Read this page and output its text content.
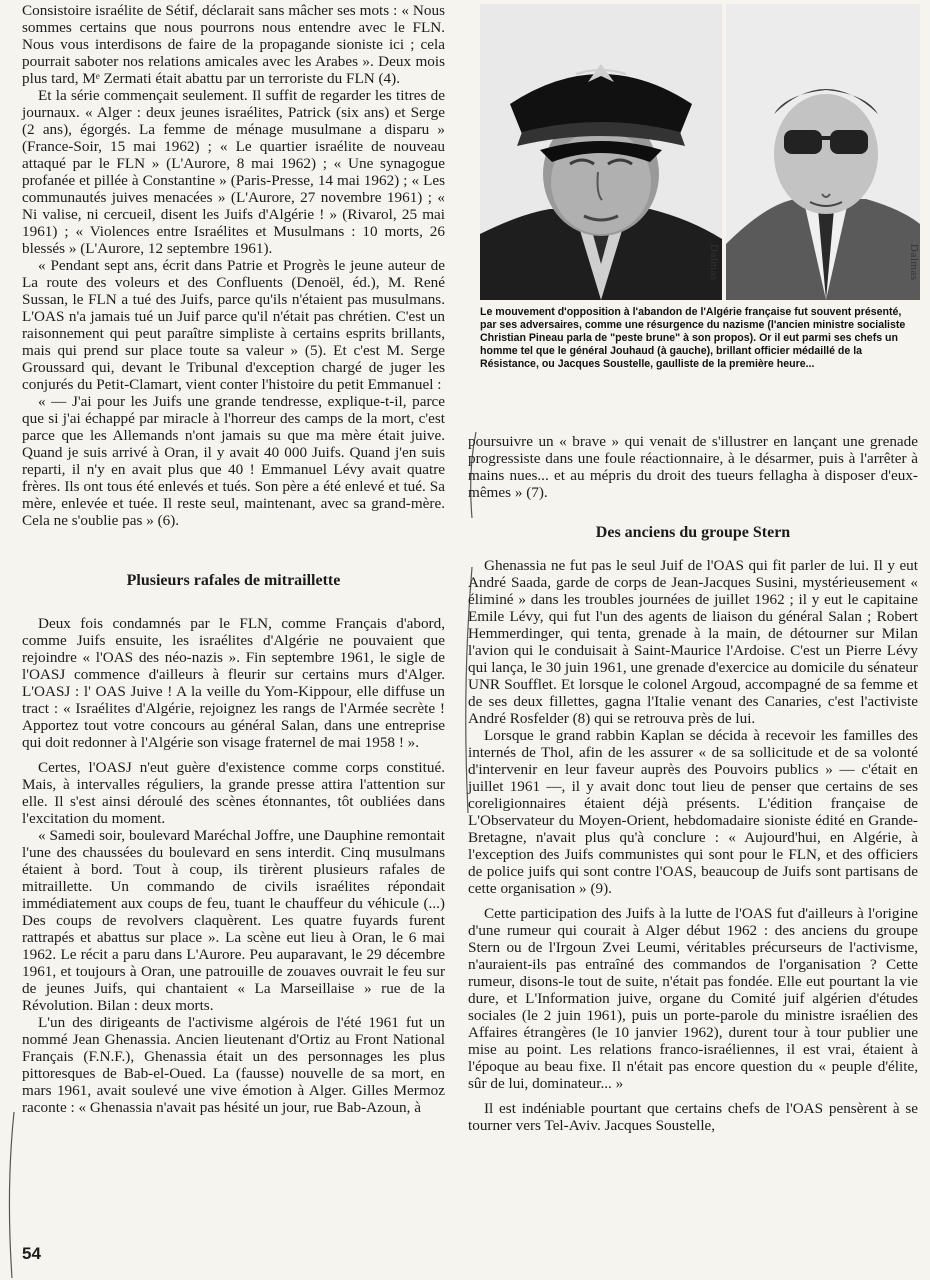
Consistoire israélite de Sétif, déclarait sans mâcher ses mots : « Nous sommes certains que nous pourrons nous entendre avec le FLN. Nous vous interdisons de faire de la propagande sioniste ici ; cela pourrait saboter nos relations amicales avec les Arabes ». Deux mois plus tard, Mᵉ Zermati était abattu par un terroriste du FLN (4).

Et la série commençait seulement. Il suffit de regarder les titres de journaux. « Alger : deux jeunes israélites, Patrick (six ans) et Serge (2 ans), égorgés. La femme de ménage musulmane a disparu » (France-Soir, 15 mai 1962) ; « Le quartier israélite de nouveau attaqué par le FLN » (L'Aurore, 8 mai 1962) ; « Une synagogue profanée et pillée à Constantine » (Paris-Presse, 14 mai 1962) ; « Les communautés juives menacées » (L'Aurore, 27 novembre 1961) ; « Ni valise, ni cercueil, disent les Juifs d'Algérie ! » (Rivarol, 25 mai 1961) ; « Violences entre Israélites et Musulmans : 10 morts, 26 blessés » (L'Aurore, 12 septembre 1961).

« Pendant sept ans, écrit dans Patrie et Progrès le jeune auteur de La route des voleurs et des Confluents (Denoël, éd.), M. René Sussan, le FLN a tué des Juifs, parce qu'ils n'étaient pas musulmans. L'OAS n'a jamais tué un Juif parce qu'il n'était pas chrétien. C'est un raisonnement qui peut paraître simpliste à certains esprits brillants, mais qui prend sur place toute sa valeur » (5). Et c'est M. Serge Groussard qui, devant le Tribunal d'exception chargé de juger les conjurés du Petit-Clamart, vient conter l'histoire du petit Emmanuel :

« — J'ai pour les Juifs une grande tendresse, explique-t-il, parce que si j'ai échappé par miracle à l'horreur des camps de la mort, c'est parce que les Allemands n'ont jamais su que ma mère était juive. Quand je suis arrivé à Oran, il y avait 40 000 Juifs. Quand j'en suis reparti, il n'y en avait plus que 40 ! Emmanuel Lévy avait quatre frères. Ils ont tous été enlevés et tués. Son père a été enlevé et tué. Sa mère, enlevée et tuée. Il reste seul, maintenant, avec sa grand-mère. Cela ne s'oublie pas » (6).

Plusieurs rafales de mitraillette

Deux fois condamnés par le FLN, comme Français d'abord, comme Juifs ensuite, les israélites d'Algérie ne pouvaient que rejoindre « l'OAS des néo-nazis ». Fin septembre 1961, le sigle de l'OASJ commence d'ailleurs à fleurir sur certains murs d'Alger. L'OASJ : l' OAS Juive ! A la veille du Yom-Kippour, elle diffuse un tract : « Israélites d'Algérie, rejoignez les rangs de l'Armée secrète ! Apportez tout votre concours au général Salan, dans une entreprise qui doit redonner à l'Algérie son visage fraternel de mai 1958 ! ».

Certes, l'OASJ n'eut guère d'existence comme corps constitué. Mais, à intervalles réguliers, la grande presse attira l'attention sur elle. Il s'est ainsi déroulé des scènes étonnantes, tôt oubliées dans l'excitation du moment.

« Samedi soir, boulevard Maréchal Joffre, une Dauphine remontait l'une des chaussées du boulevard en sens interdit. Cinq musulmans étaient à bord. Tout à coup, ils tirèrent plusieurs rafales de mitraillette. Un commando de civils israélites répondait immédiatement aux coups de feu, tuant le chauffeur du véhicule (...) Des coups de revolvers claquèrent. Les quatre fuyards furent rattrapés et abattus sur place ». La scène eut lieu à Oran, le 6 mai 1962. Le récit a paru dans L'Aurore. Peu auparavant, le 29 décembre 1961, et toujours à Oran, une patrouille de zouaves ouvrait le feu sur de jeunes Juifs, qui chantaient « La Marseillaise » rue de la Révolution. Bilan : deux morts.

L'un des dirigeants de l'activisme algérois de l'été 1961 fut un nommé Jean Ghenassia. Ancien lieutenant d'Ortiz au Front National Français (F.N.F.), Ghenassia était un des personnages les plus pittoresques de Bab-el-Oued. La (fausse) nouvelle de sa mort, en mars 1961, avait soulevé une vive émotion à Alger. Gilles Mermoz raconte : « Ghenassia n'avait pas hésité un jour, rue Bab-Azoun, à

Dalmas	Dalmas
Le mouvement d'opposition à l'abandon de l'Algérie française fut souvent présenté, par ses adversaires, comme une résurgence du nazisme (l'ancien ministre socialiste Christian Pineau parla de "peste brune" à son propos). Or il eut parmi ses chefs un homme tel que le général Jouhaud (à gauche), brillant officier médaillé de la Résistance, ou Jacques Soustelle, gaulliste de la première heure...

poursuivre un « brave » qui venait de s'illustrer en lançant une grenade progressiste dans une foule réactionnaire, à le désarmer, puis à l'arrêter à mains nues... et au mépris du droit des tueurs fellagha à disposer d'eux-mêmes » (7).

Des anciens du groupe Stern

Ghenassia ne fut pas le seul Juif de l'OAS qui fit parler de lui. Il y eut André Saada, garde de corps de Jean-Jacques Susini, mystérieusement « éliminé » dans les troubles journées de juillet 1962 ; il y eut le capitaine Emile Lévy, qui fut l'un des agents de liaison du général Salan ; Robert Hemmerdinger, qui tenta, grenade à la main, de détourner sur Milan l'avion qui le conduisait à Saint-Maurice l'Ardoise. C'est un Pierre Lévy qui lança, le 30 juin 1961, une grenade d'exercice au domicile du sénateur UNR Soufflet. Et lorsque le colonel Argoud, accompagné de sa femme et de ses deux fillettes, gagna l'Italie venant des Canaries, c'est l'activiste André Rosfelder (8) qui se retrouva près de lui.

Lorsque le grand rabbin Kaplan se décida à recevoir les familles des internés de Thol, afin de les assurer « de sa sollicitude et de sa volonté d'intervenir en leur faveur auprès des Pouvoirs publics » — c'était en juillet 1961 —, il y avait donc tout lieu de penser que certains de ses coreligionnaires étaient déjà présents. L'édition française de L'Observateur du Moyen-Orient, hebdomadaire sioniste édité en Grande-Bretagne, n'avait plus qu'à conclure : « Aujourd'hui, en Algérie, à l'exception des Juifs communistes qui sont pour le FLN, et des officiers de police juifs qui sont contre l'OAS, beaucoup de Juifs sont partisans de cette organisation » (9).

Cette participation des Juifs à la lutte de l'OAS fut d'ailleurs à l'origine d'une rumeur qui courait à Alger début 1962 : des anciens du groupe Stern ou de l'Irgoun Zvei Leumi, véritables précurseurs de l'activisme, n'auraient-ils pas entraîné des commandos de l'organisation ? Cette rumeur, disons-le tout de suite, n'était pas fondée. Elle eut pourtant la vie dure, et L'Information juive, organe du Comité juif algérien d'études sociales (le 2 juin 1961), puis un porte-parole du ministre israélien des Affaires étrangères (le 10 janvier 1962), durent tour à tour publier une mise au point. Les relations franco-israéliennes, il est vrai, étaient à l'époque au beau fixe. Il n'était pas encore question du « peuple d'élite, sûr de lui, dominateur... »

Il est indéniable pourtant que certains chefs de l'OAS pensèrent à se tourner vers Tel-Aviv. Jacques Soustelle,

54
